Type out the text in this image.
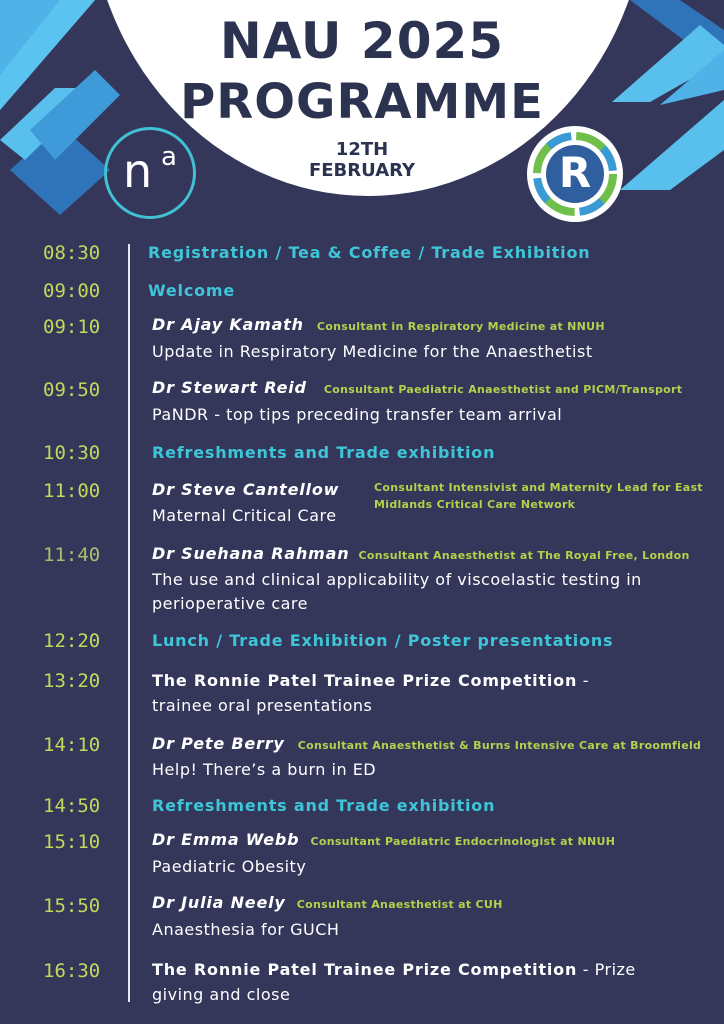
NAU 2025
PROGRAMME
12TH
FEBRUARY
n a	R
08:30	Registration / Tea & Coffee / Trade Exhibition
09:00	Welcome
09:10	Dr Ajay Kamath Consultant in Respiratory Medicine at NNUH
Update in Respiratory Medicine for the Anaesthetist
09:50	Dr Stewart Reid Consultant Paediatric Anaesthetist and PICM/Transport
PaNDR - top tips preceding transfer team arrival
10:30	Refreshments and Trade exhibition
11:00	Dr Steve Cantellow	Consultant Intensivist and Maternity Lead for East
Midlands Critical Care Network
Maternal Critical Care
11:40	Dr Suehana Rahman Consultant Anaesthetist at The Royal Free, London
The use and clinical applicability of viscoelastic testing in
perioperative care
12:20	Lunch / Trade Exhibition / Poster presentations
13:20	The Ronnie Patel Trainee Prize Competition -
trainee oral presentations
14:10	Dr Pete Berry Consultant Anaesthetist & Burns Intensive Care at Broomfield
Help! There’s a burn in ED
14:50	Refreshments and Trade exhibition
15:10	Dr Emma Webb Consultant Paediatric Endocrinologist at NNUH
Paediatric Obesity
15:50	Dr Julia Neely Consultant Anaesthetist at CUH
Anaesthesia for GUCH
16:30	The Ronnie Patel Trainee Prize Competition - Prize
giving and close
